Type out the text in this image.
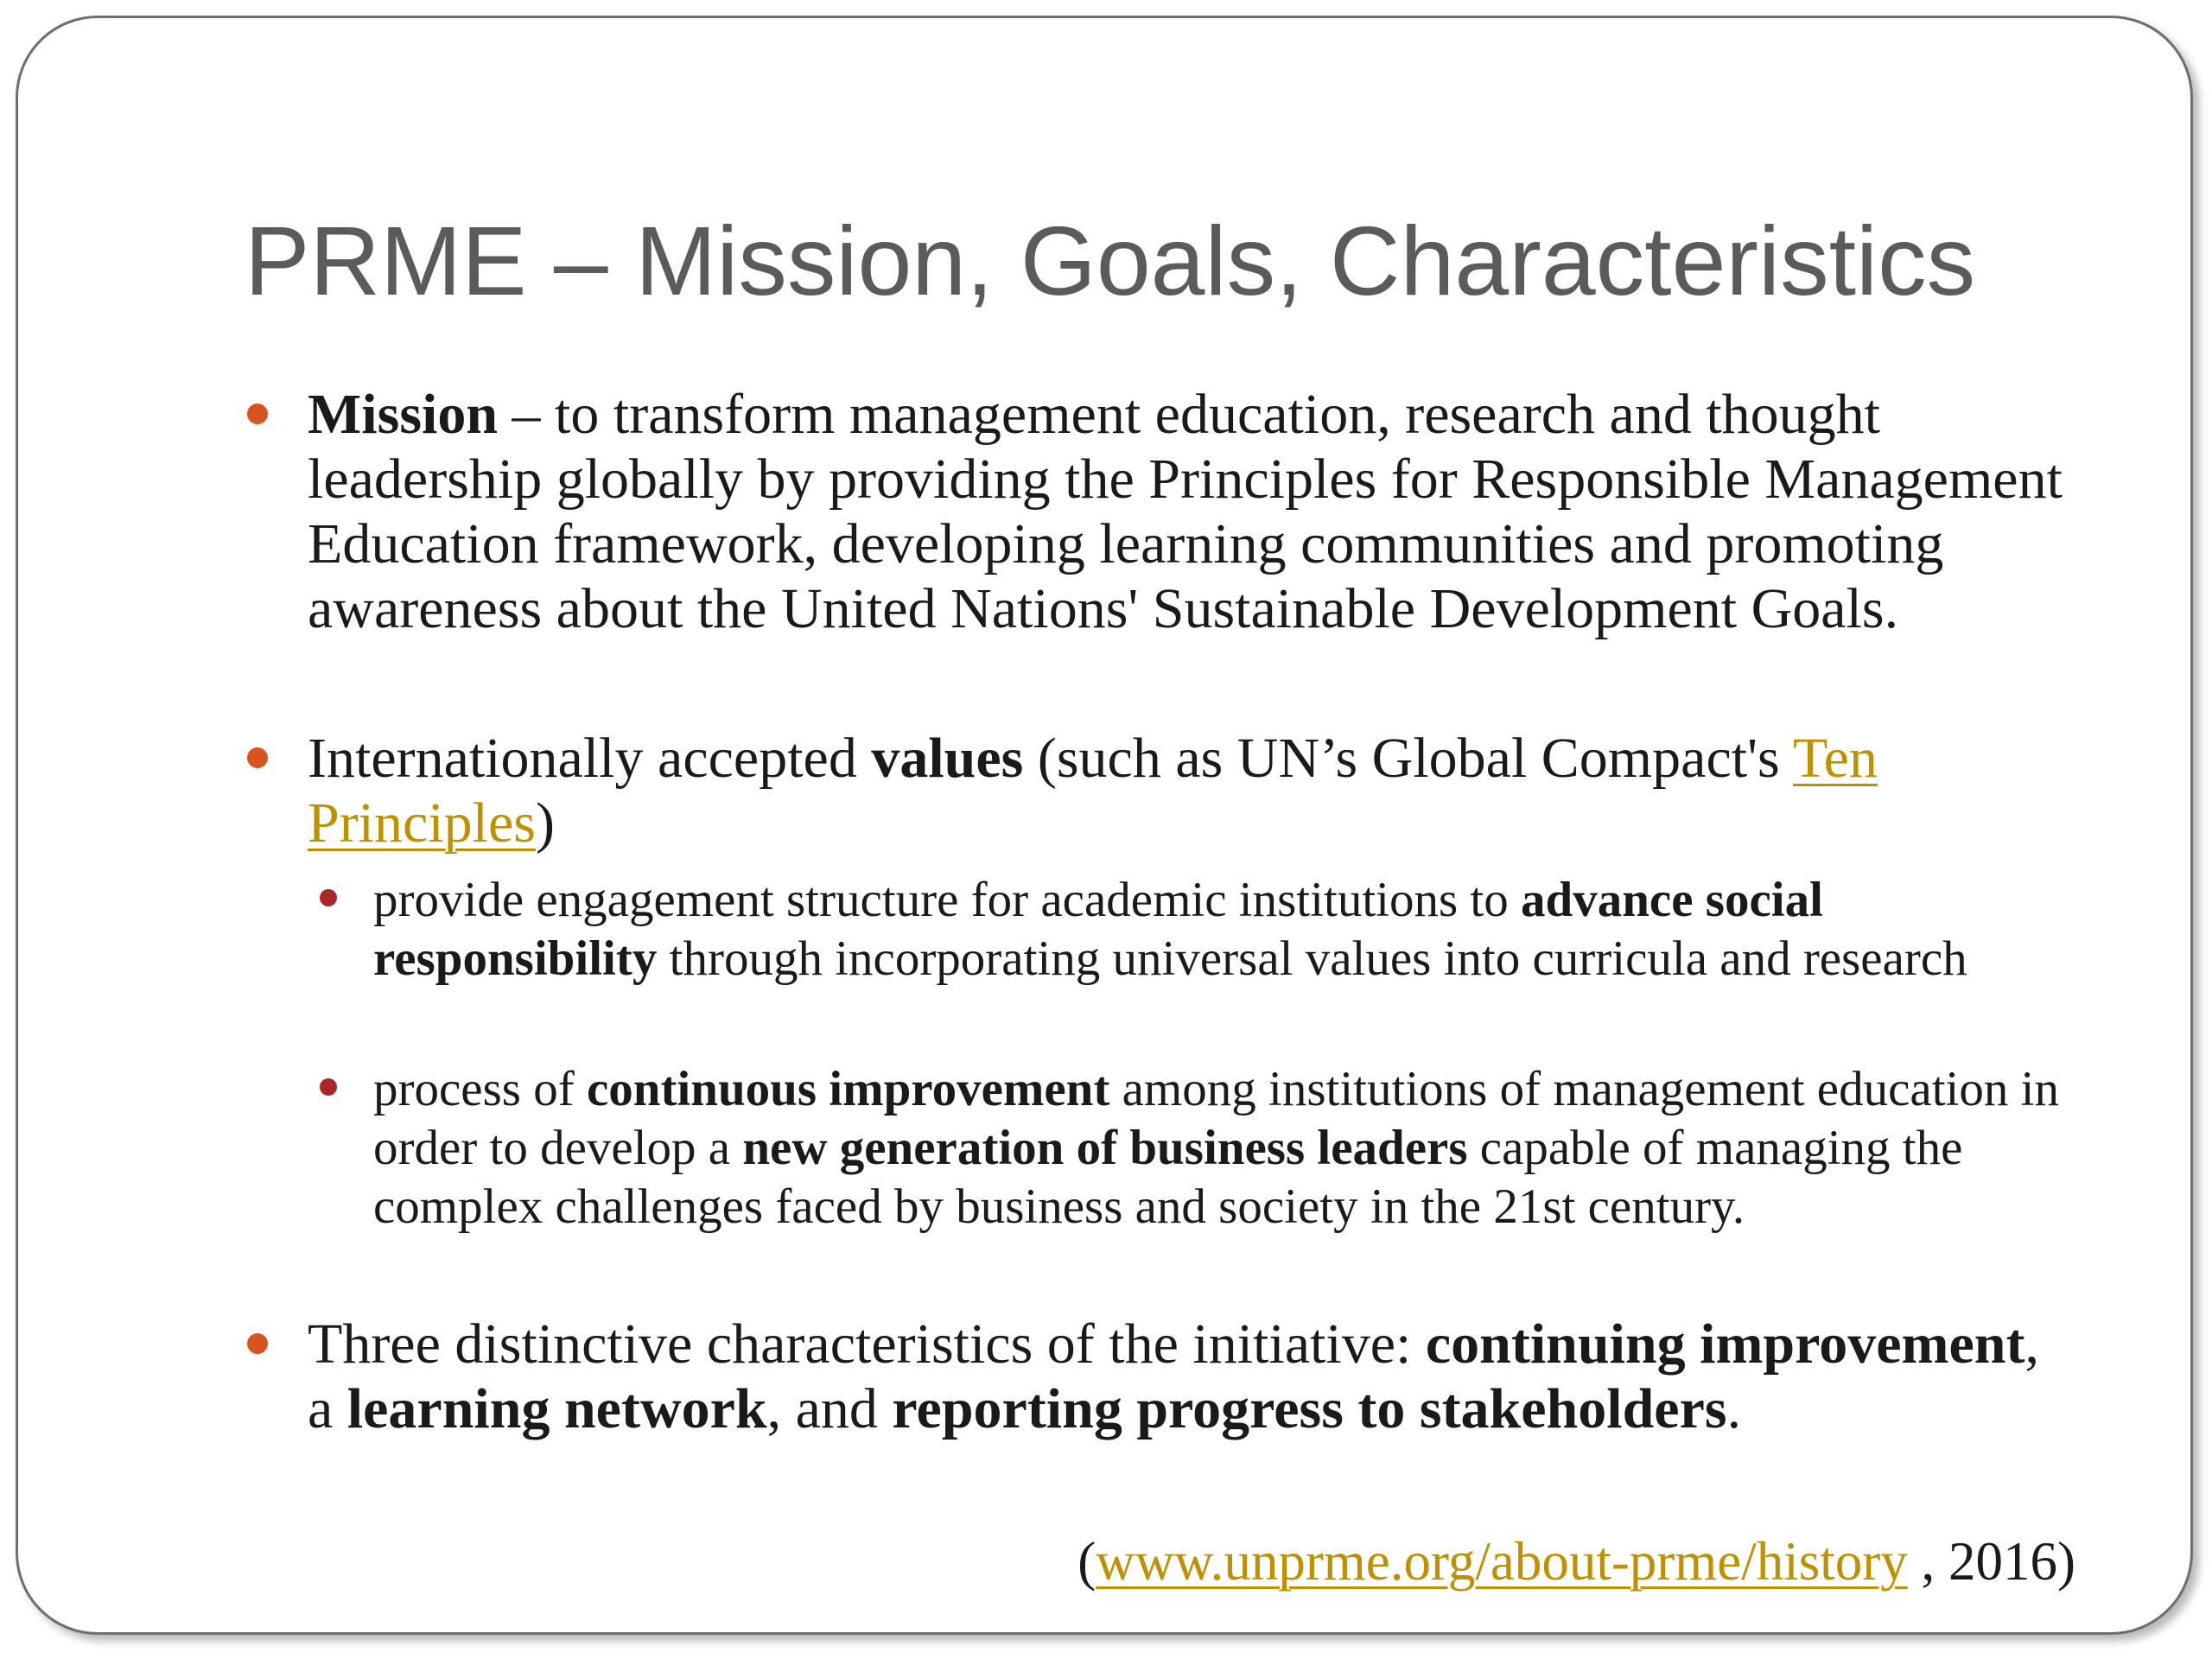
PRME – Mission, Goals, Characteristics
Mission – to transform management education, research and thought leadership globally by providing the Principles for Responsible Management Education framework, developing learning communities and promoting awareness about the United Nations' Sustainable Development Goals.
Internationally accepted values (such as UN’s Global Compact's Ten Principles)
provide engagement structure for academic institutions to advance social responsibility through incorporating universal values into curricula and research
process of continuous improvement among institutions of management education in order to develop a new generation of business leaders capable of managing the complex challenges faced by business and society in the 21st century.
Three distinctive characteristics of the initiative: continuing improvement, a learning network, and reporting progress to stakeholders.
(www.unprme.org/about-prme/history , 2016)
